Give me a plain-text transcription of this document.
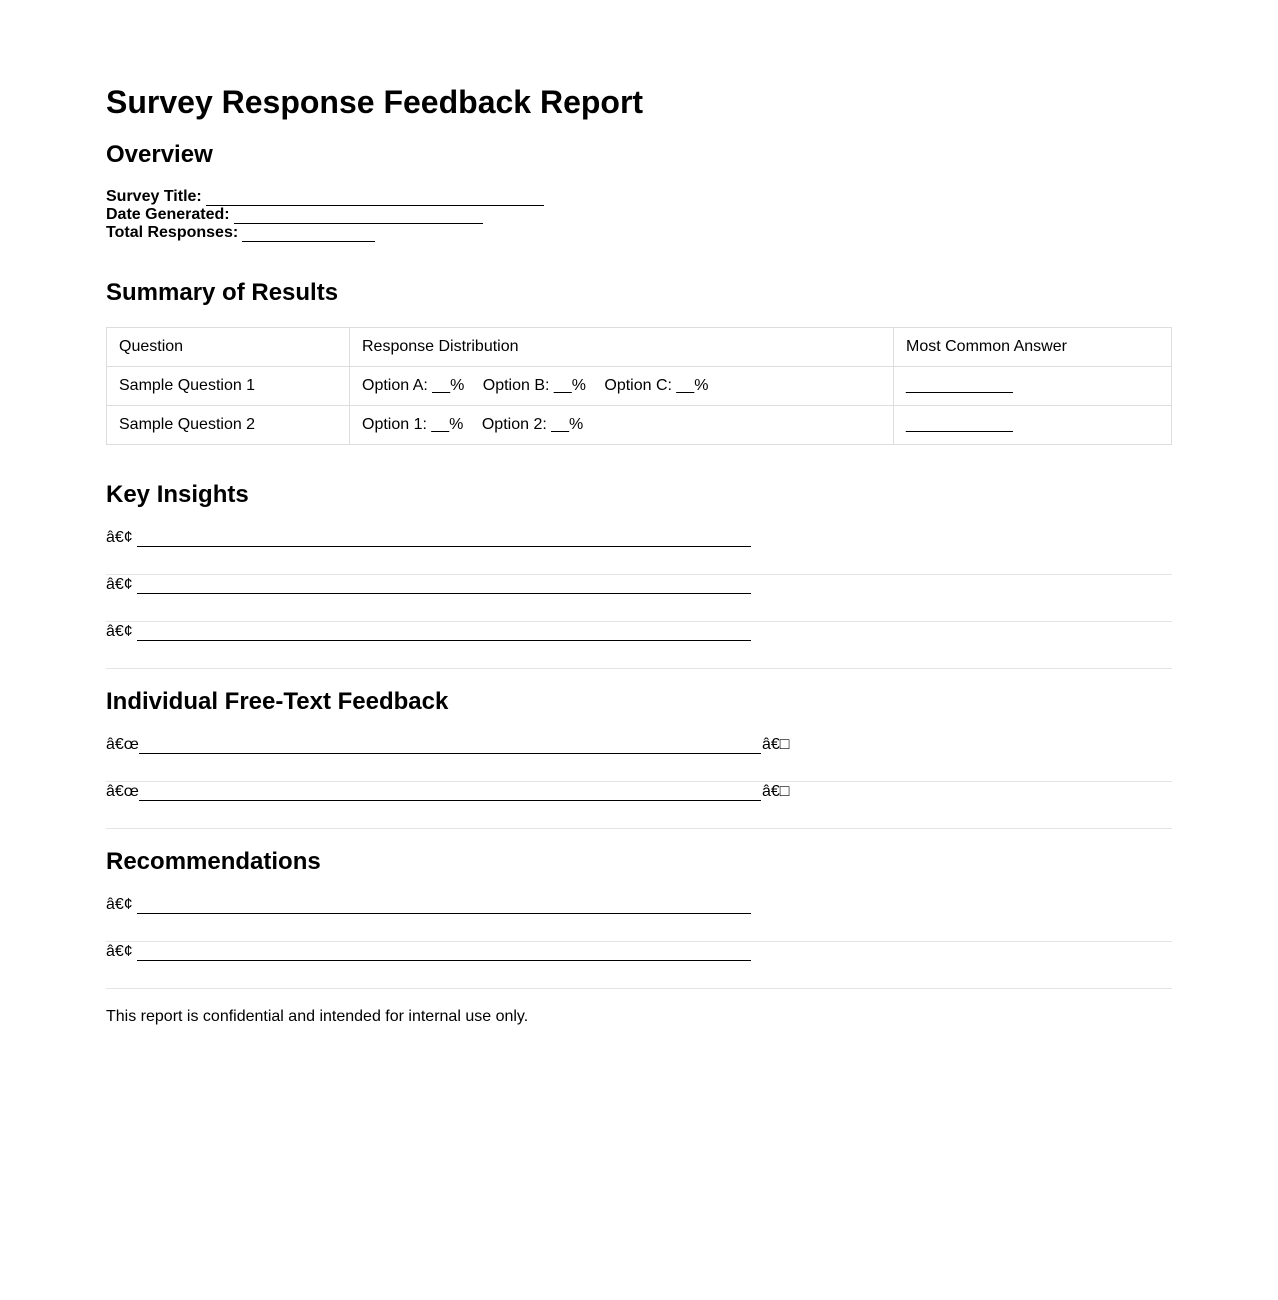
Survey Response Feedback Report
Overview
Survey Title:
Date Generated:
Total Responses:
Summary of Results
Question	Response Distribution	Most Common Answer
Sample Question 1	Option A: __% Option B: __% Option C: __%	____________
Sample Question 2	Option 1: __% Option 2: __%	____________
Key Insights
â€¢
â€¢
â€¢
Individual Free-Text Feedback
â€œ	â€□
â€œ	â€□
Recommendations
â€¢
â€¢
This report is confidential and intended for internal use only.
